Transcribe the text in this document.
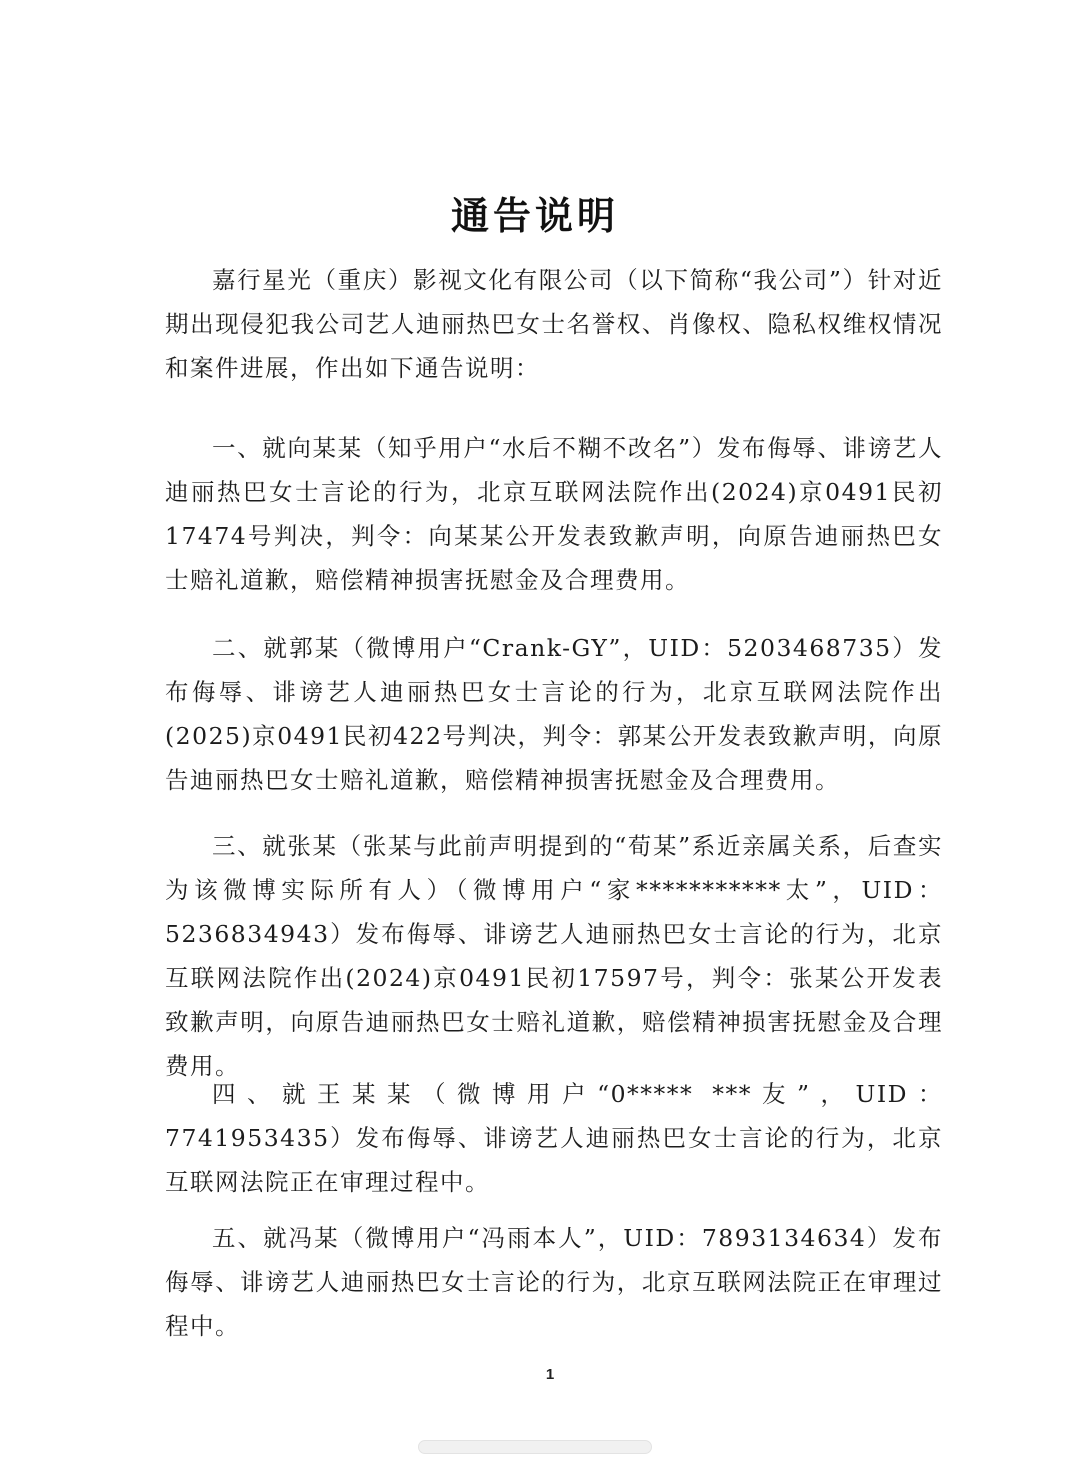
通告说明

嘉行星光（重庆）影视文化有限公司（以下简称“我公司”）针对近期出现侵犯我公司艺人迪丽热巴女士名誉权、肖像权、隐私权维权情况和案件进展，作出如下通告说明：

一、就向某某（知乎用户“水后不糊不改名”）发布侮辱、诽谤艺人迪丽热巴女士言论的行为，北京互联网法院作出(2024)京0491民初17474号判决，判令：向某某公开发表致歉声明，向原告迪丽热巴女士赔礼道歉，赔偿精神损害抚慰金及合理费用。

二、就郭某（微博用户“Crank-GY”，UID：5203468735）发布侮辱、诽谤艺人迪丽热巴女士言论的行为，北京互联网法院作出(2025)京0491民初422号判决，判令：郭某公开发表致歉声明，向原告迪丽热巴女士赔礼道歉，赔偿精神损害抚慰金及合理费用。

三、就张某（张某与此前声明提到的“荀某”系近亲属关系，后查实为该微博实际所有人）（微博用户“家***********太”，UID：5236834943）发布侮辱、诽谤艺人迪丽热巴女士言论的行为，北京互联网法院作出(2024)京0491民初17597号，判令：张某公开发表致歉声明，向原告迪丽热巴女士赔礼道歉，赔偿精神损害抚慰金及合理费用。

四、就王某某（微博用户“0***** ***友”，UID：7741953435）发布侮辱、诽谤艺人迪丽热巴女士言论的行为，北京互联网法院正在审理过程中。

五、就冯某（微博用户“冯雨本人”，UID：7893134634）发布侮辱、诽谤艺人迪丽热巴女士言论的行为，北京互联网法院正在审理过程中。

1
